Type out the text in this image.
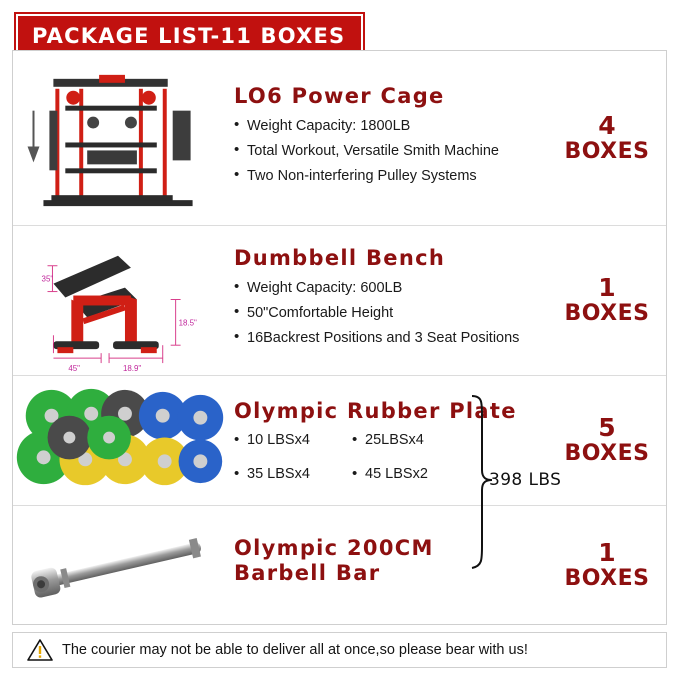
PACKAGE LIST-11 BOXES
LO6 Power Cage
• Weight Capacity: 1800LB
• Total Workout, Versatile Smith Machine
• Two Non-interfering Pulley Systems
4
BOXES
35"
18.5"
45"	18.9"
Dumbbell Bench
• Weight Capacity: 600LB
• 50"Comfortable Height
• 16Backrest Positions and 3 Seat Positions
1
BOXES
Olympic Rubber Plate
• 10 LBSx4	• 25LBSx4
• 35 LBSx4	• 45 LBSx2
5
BOXES
Olympic 200CM
Barbell Bar
1
BOXES
398 LBS
The courier may not be able to deliver all at once,so please bear with us!
